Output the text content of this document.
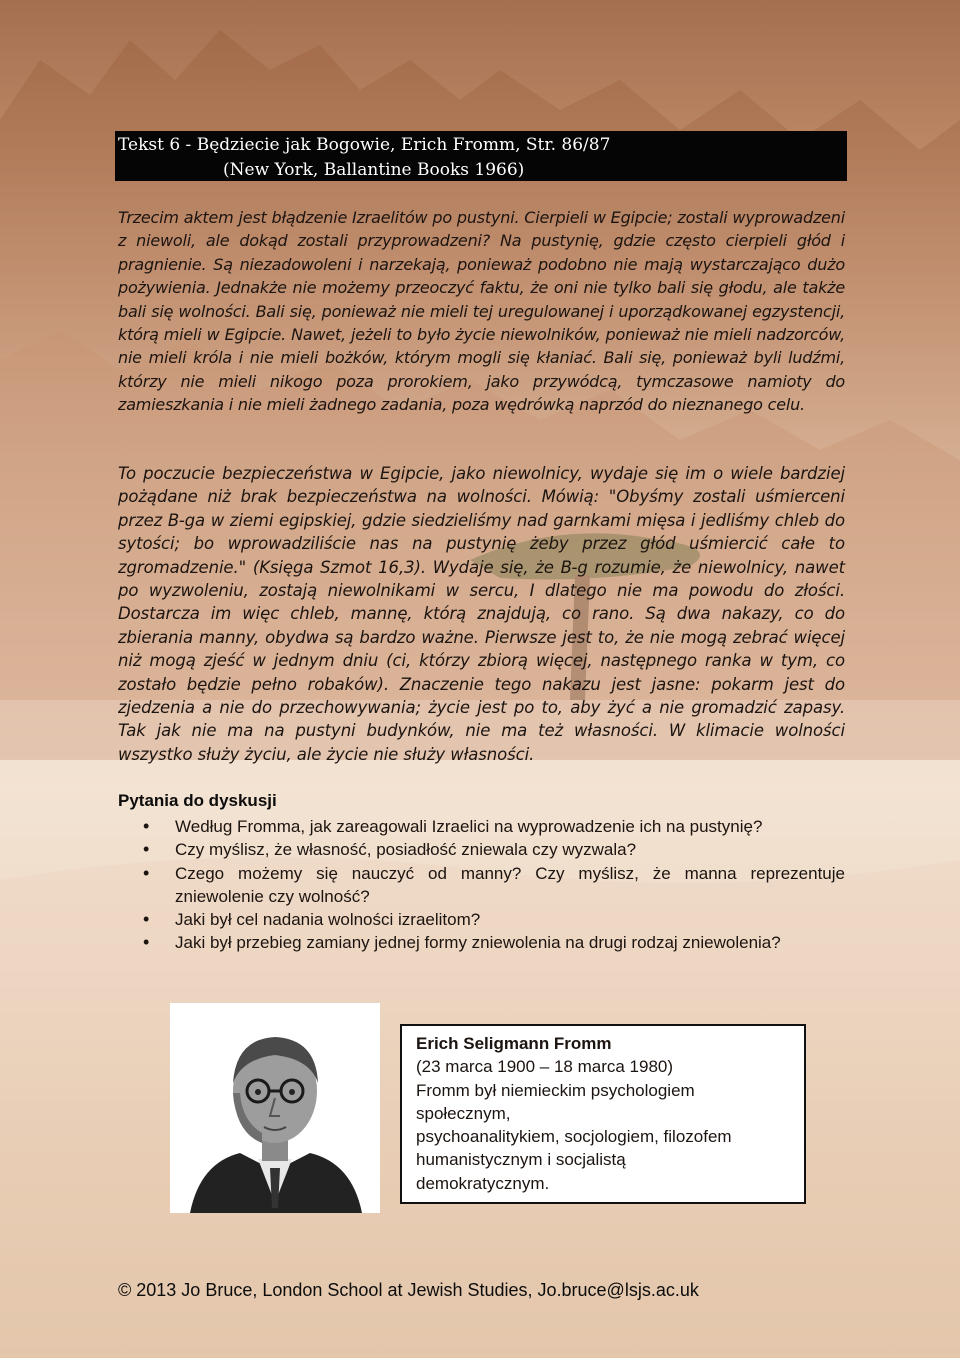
Tekst 6 - Będziecie jak Bogowie, Erich Fromm, Str. 86/87
(New York, Ballantine Books 1966)

Trzecim aktem jest błądzenie Izraelitów po pustyni. Cierpieli w Egipcie; zostali wyprowadzeni z niewoli, ale dokąd zostali przyprowadzeni? Na pustynię, gdzie często cierpieli głód i pragnienie. Są niezadowoleni i narzekają, ponieważ podobno nie mają wystarczająco dużo pożywienia. Jednakże nie możemy przeoczyć faktu, że oni nie tylko bali się głodu, ale także bali się wolności. Bali się, ponieważ nie mieli tej uregulowanej i uporządkowanej egzystencji, którą mieli w Egipcie. Nawet, jeżeli to było życie niewolników, ponieważ nie mieli nadzorców, nie mieli króla i nie mieli bożków, którym mogli się kłaniać. Bali się, ponieważ byli ludźmi, którzy nie mieli nikogo poza prorokiem, jako przywódcą, tymczasowe namioty do zamieszkania i nie mieli żadnego zadania, poza wędrówką naprzód do nieznanego celu.

To poczucie bezpieczeństwa w Egipcie, jako niewolnicy, wydaje się im o wiele bardziej pożądane niż brak bezpieczeństwa na wolności. Mówią: "Obyśmy zostali uśmierceni przez B-ga w ziemi egipskiej, gdzie siedzieliśmy nad garnkami mięsa i jedliśmy chleb do sytości; bo wprowadziliście nas na pustynię żeby przez głód uśmiercić całe to zgromadzenie." (Księga Szmot 16,3). Wydaje się, że B-g rozumie, że niewolnicy, nawet po wyzwoleniu, zostają niewolnikami w sercu, I dlatego nie ma powodu do złości. Dostarcza im więc chleb, mannę, którą znajdują, co rano. Są dwa nakazy, co do zbierania manny, obydwa są bardzo ważne. Pierwsze jest to, że nie mogą zebrać więcej niż mogą zjeść w jednym dniu (ci, którzy zbiorą więcej, następnego ranka w tym, co zostało będzie pełno robaków). Znaczenie tego nakazu jest jasne: pokarm jest do zjedzenia a nie do przechowywania; życie jest po to, aby żyć a nie gromadzić zapasy. Tak jak nie ma na pustyni budynków, nie ma też własności. W klimacie wolności wszystko służy życiu, ale życie nie służy własności.

Pytania do dyskusji
• Według Fromma, jak zareagowali Izraelici na wyprowadzenie ich na pustynię?
• Czy myślisz, że własność, posiadłość zniewala czy wyzwala?
• Czego możemy się nauczyć od manny? Czy myślisz, że manna reprezentuje zniewolenie czy wolność?
• Jaki był cel nadania wolności izraelitom?
• Jaki był przebieg zamiany jednej formy zniewolenia na drugi rodzaj zniewolenia?
Erich Seligmann Fromm
(23 marca 1900 – 18 marca 1980)
Fromm był niemieckim psychologiem
społecznym,
psychoanalitykiem, socjologiem, filozofem
humanistycznym i socjalistą
demokratycznym.

© 2013 Jo Bruce, London School at Jewish Studies, Jo.bruce@lsjs.ac.uk
